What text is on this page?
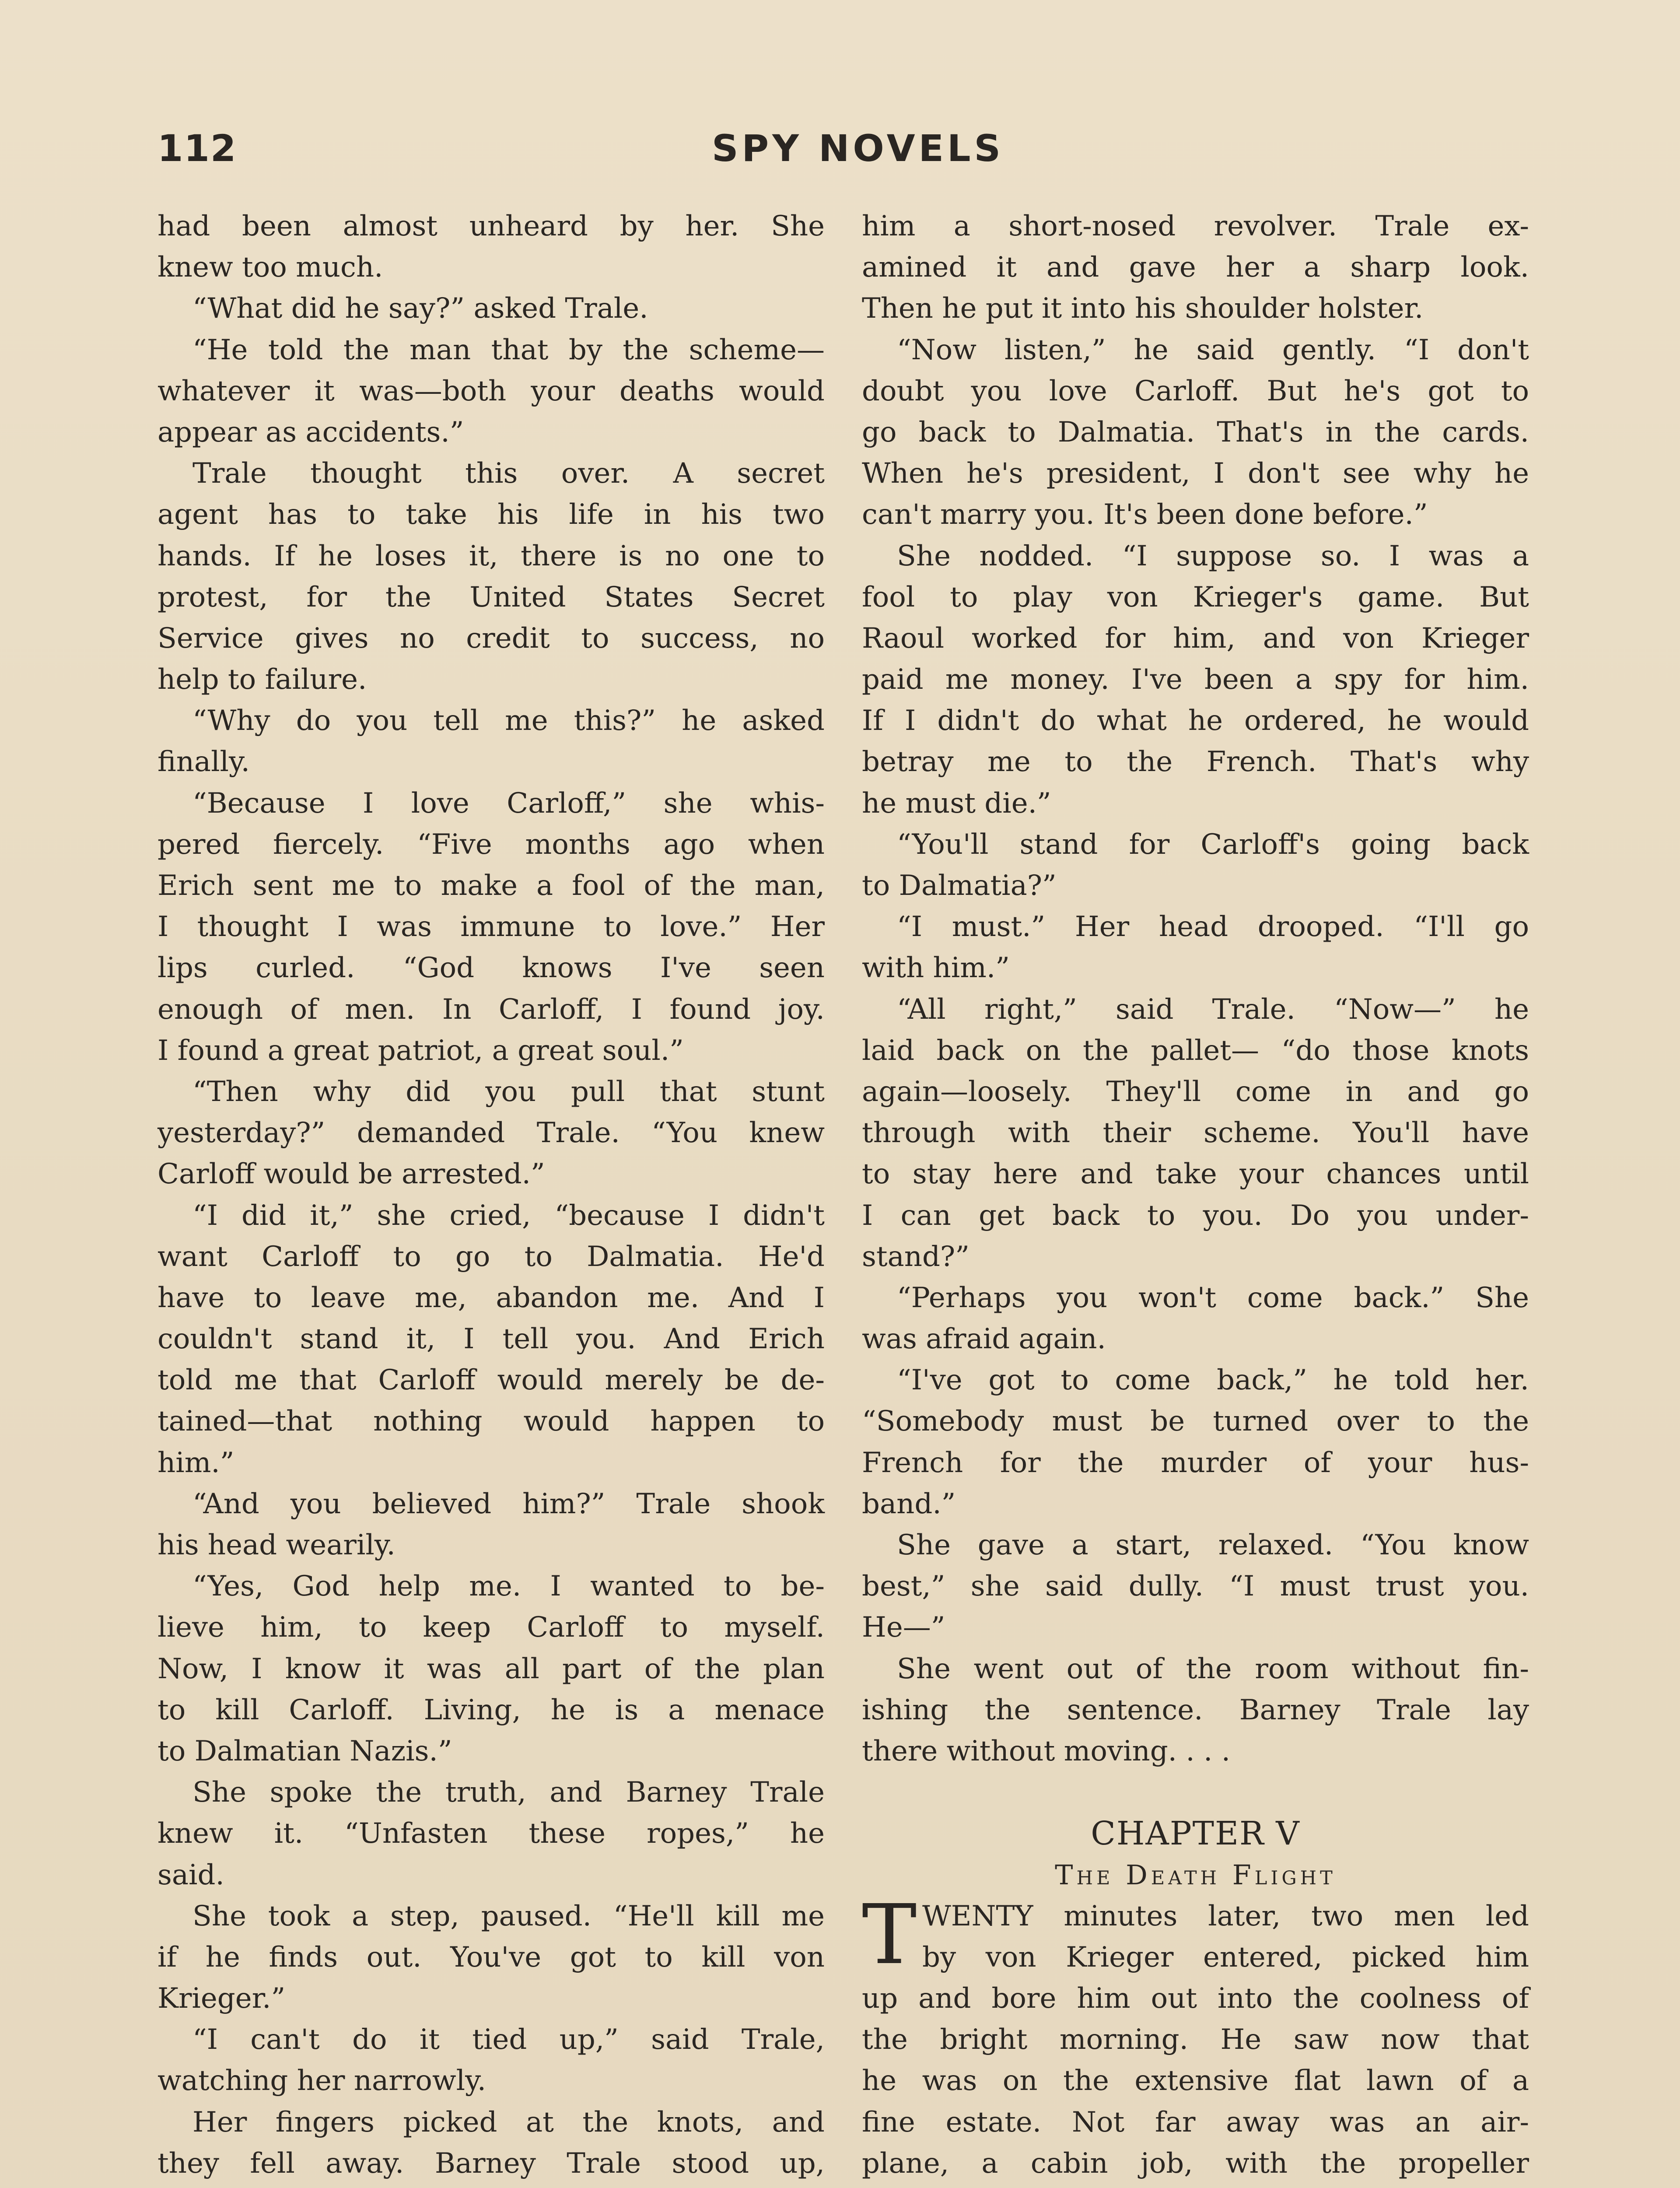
112	SPY NOVELS
had been almost unheard by her. She
knew too much.
“What did he say?” asked Trale.
“He told the man that by the scheme—
whatever it was—both your deaths would
appear as accidents.”
Trale thought this over. A secret
agent has to take his life in his two
hands. If he loses it, there is no one to
protest, for the United States Secret
Service gives no credit to success, no
help to failure.
“Why do you tell me this?” he asked
finally.
“Because I love Carloff,” she whis-
pered fiercely. “Five months ago when
Erich sent me to make a fool of the man,
I thought I was immune to love.” Her
lips curled. “God knows I've seen
enough of men. In Carloff, I found joy.
I found a great patriot, a great soul.”
“Then why did you pull that stunt
yesterday?” demanded Trale. “You knew
Carloff would be arrested.”
“I did it,” she cried, “because I didn't
want Carloff to go to Dalmatia. He'd
have to leave me, abandon me. And I
couldn't stand it, I tell you. And Erich
told me that Carloff would merely be de-
tained—that nothing would happen to
him.”
“And you believed him?” Trale shook
his head wearily.
“Yes, God help me. I wanted to be-
lieve him, to keep Carloff to myself.
Now, I know it was all part of the plan
to kill Carloff. Living, he is a menace
to Dalmatian Nazis.”
She spoke the truth, and Barney Trale
knew it. “Unfasten these ropes,” he
said.
She took a step, paused. “He'll kill me
if he finds out. You've got to kill von
Krieger.”
“I can't do it tied up,” said Trale,
watching her narrowly.
Her fingers picked at the knots, and
they fell away. Barney Trale stood up,
him a short-nosed revolver. Trale ex-
amined it and gave her a sharp look.
Then he put it into his shoulder holster.
“Now listen,” he said gently. “I don't
doubt you love Carloff. But he's got to
go back to Dalmatia. That's in the cards.
When he's president, I don't see why he
can't marry you. It's been done before.”
She nodded. “I suppose so. I was a
fool to play von Krieger's game. But
Raoul worked for him, and von Krieger
paid me money. I've been a spy for him.
If I didn't do what he ordered, he would
betray me to the French. That's why
he must die.”
“You'll stand for Carloff's going back
to Dalmatia?”
“I must.” Her head drooped. “I'll go
with him.”
“All right,” said Trale. “Now—” he
laid back on the pallet— “do those knots
again—loosely. They'll come in and go
through with their scheme. You'll have
to stay here and take your chances until
I can get back to you. Do you under-
stand?”
“Perhaps you won't come back.” She
was afraid again.
“I've got to come back,” he told her.
“Somebody must be turned over to the
French for the murder of your hus-
band.”
She gave a start, relaxed. “You know
best,” she said dully. “I must trust you.
He—”
She went out of the room without fin-
ishing the sentence. Barney Trale lay
there without moving. . . .
CHAPTER V
The Death Flight
T WENTY minutes later, two men led
by von Krieger entered, picked him
up and bore him out into the coolness of
the bright morning. He saw now that
he was on the extensive flat lawn of a
fine estate. Not far away was an air-
plane, a cabin job, with the propeller
